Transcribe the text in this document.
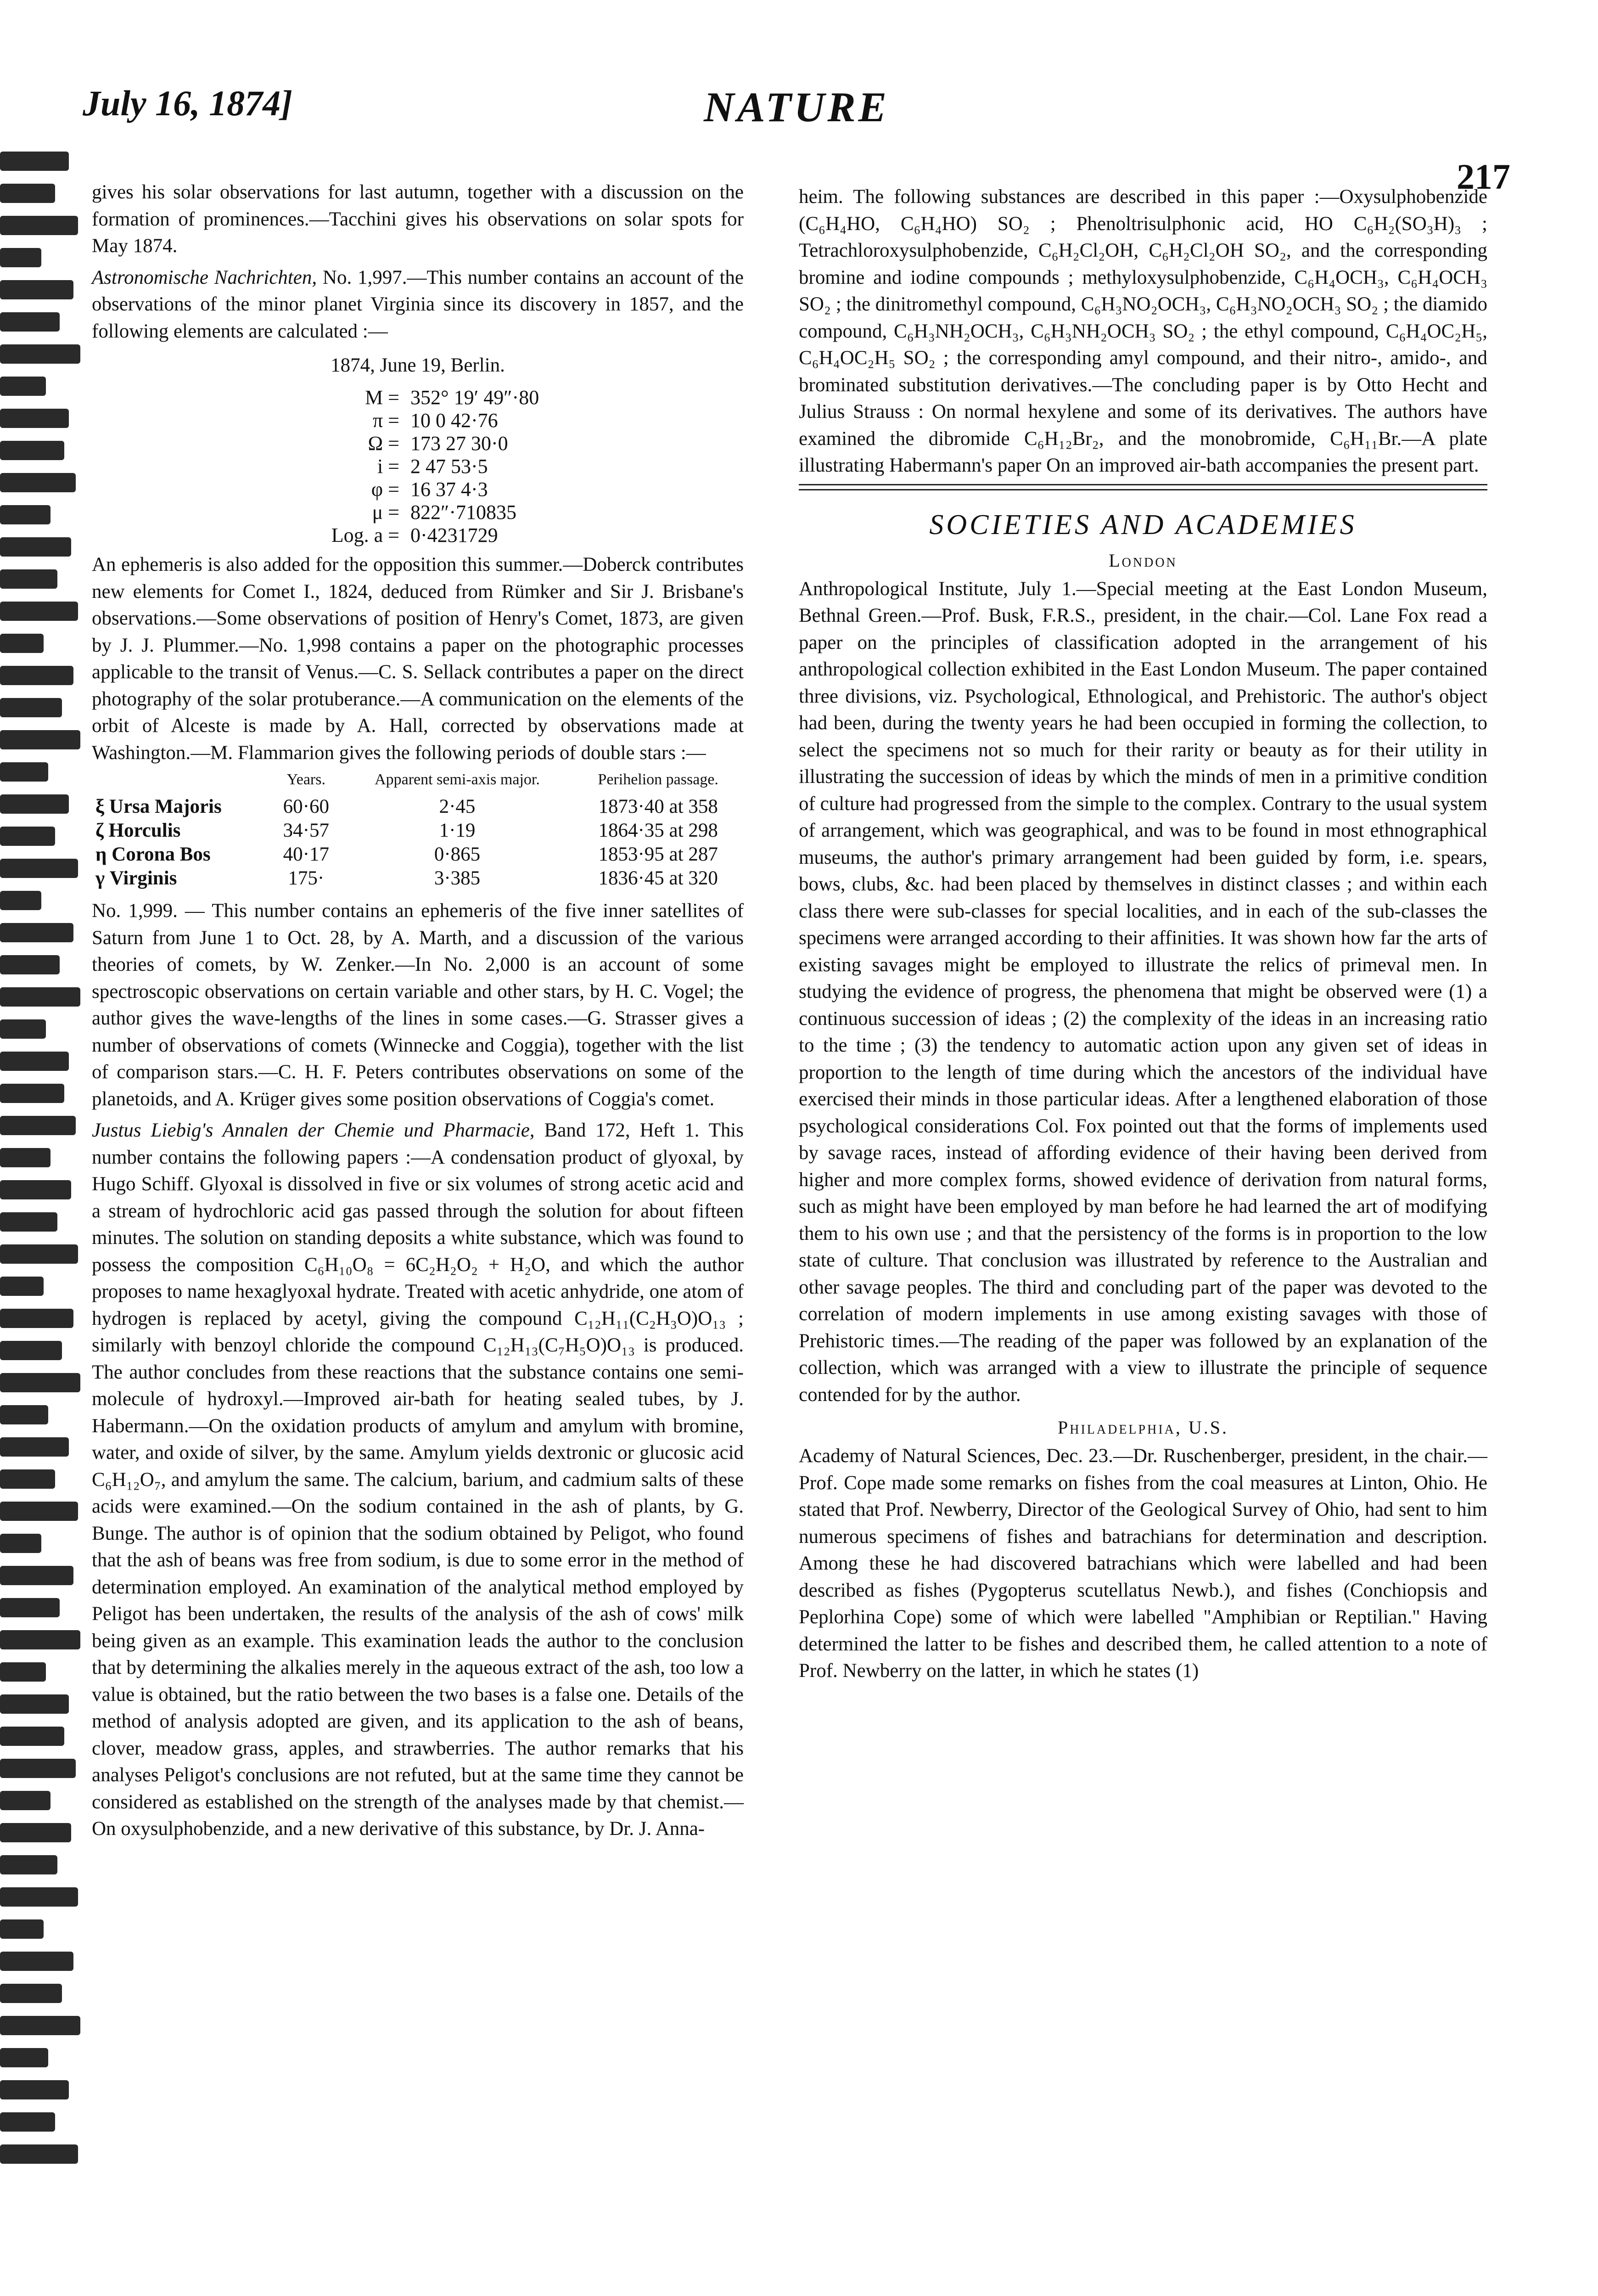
July 16, 1874]	NATURE
217

gives his solar observations for last autumn, together with a discussion on the formation of prominences.—Tacchini gives his observations on solar spots for May 1874.

Astronomische Nachrichten, No. 1,997.—This number contains an account of the observations of the minor planet Virginia since its discovery in 1857, and the following elements are calculated :—

1874, June 19, Berlin.
M = 352° 19′ 49″·80
π = 10 0 42·76
Ω = 173 27 30·0
i = 2 47 53·5
φ = 16 37 4·3
μ = 822″·710835
Log. a = 0·4231729

An ephemeris is also added for the opposition this summer.—Doberck contributes new elements for Comet I., 1824, deduced from Rümker and Sir J. Brisbane's observations.—Some observations of position of Henry's Comet, 1873, are given by J. J. Plummer.—No. 1,998 contains a paper on the photographic processes applicable to the transit of Venus.—C. S. Sellack contributes a paper on the direct photography of the solar protuberance.—A communication on the elements of the orbit of Alceste is made by A. Hall, corrected by observations made at Washington.—M. Flammarion gives the following periods of double stars :—

	Years.	Apparent semi-axis major.	Perihelion passage.
ξ Ursa Majoris	60·60	2·45	1873·40 at 358
ζ Horculis	34·57	1·19	1864·35 at 298
η Corona Bos	40·17	0·865	1853·95 at 287
γ Virginis	175·	3·385	1836·45 at 320

No. 1,999. — This number contains an ephemeris of the five inner satellites of Saturn from June 1 to Oct. 28, by A. Marth, and a discussion of the various theories of comets, by W. Zenker.—In No. 2,000 is an account of some spectroscopic observations on certain variable and other stars, by H. C. Vogel; the author gives the wave-lengths of the lines in some cases.—G. Strasser gives a number of observations of comets (Winnecke and Coggia), together with the list of comparison stars.—C. H. F. Peters contributes observations on some of the planetoids, and A. Krüger gives some position observations of Coggia's comet.

Justus Liebig's Annalen der Chemie und Pharmacie, Band 172, Heft 1. This number contains the following papers :—A condensation product of glyoxal, by Hugo Schiff. Glyoxal is dissolved in five or six volumes of strong acetic acid and a stream of hydrochloric acid gas passed through the solution for about fifteen minutes. The solution on standing deposits a white substance, which was found to possess the composition C₆H₁₀O₈ = 6C₂H₂O₂ + H₂O, and which the author proposes to name hexaglyoxal hydrate. Treated with acetic anhydride, one atom of hydrogen is replaced by acetyl, giving the compound C₁₂H₁₁(C₂H₃O)O₁₃ ; similarly with benzoyl chloride the compound C₁₂H₁₃(C₇H₅O)O₁₃ is produced. The author concludes from these reactions that the substance contains one semi-molecule of hydroxyl.—Improved air-bath for heating sealed tubes, by J. Habermann.—On the oxidation products of amylum and amylum with bromine, water, and oxide of silver, by the same. Amylum yields dextronic or glucosic acid C₆H₁₂O₇, and amylum the same. The calcium, barium, and cadmium salts of these acids were examined.—On the sodium contained in the ash of plants, by G. Bunge. The author is of opinion that the sodium obtained by Peligot, who found that the ash of beans was free from sodium, is due to some error in the method of determination employed. An examination of the analytical method employed by Peligot has been undertaken, the results of the analysis of the ash of cows' milk being given as an example. This examination leads the author to the conclusion that by determining the alkalies merely in the aqueous extract of the ash, too low a value is obtained, but the ratio between the two bases is a false one. Details of the method of analysis adopted are given, and its application to the ash of beans, clover, meadow grass, apples, and strawberries. The author remarks that his analyses Peligot's conclusions are not refuted, but at the same time they cannot be considered as established on the strength of the analyses made by that chemist.—On oxysulphobenzide, and a new derivative of this substance, by Dr. J. Anna-

heim. The following substances are described in this paper :—Oxysulphobenzide (C₆H₄HO, C₆H₄HO) SO₂ ; Phenoltrisulphonic acid, HO C₆H₂(SO₃H)₃ ; Tetrachloroxysulphobenzide, C₆H₂Cl₂OH, C₆H₂Cl₂OH SO₂, and the corresponding bromine and iodine compounds ; methyloxysulphobenzide, C₆H₄OCH₃, C₆H₄OCH₃ SO₂ ; the dinitromethyl compound, C₆H₃NO₂OCH₃, C₆H₃NO₂OCH₃ SO₂ ; the diamido compound, C₆H₃NH₂OCH₃, C₆H₃NH₂OCH₃ SO₂ ; the ethyl compound, C₆H₄OC₂H₅, C₆H₄OC₂H₅ SO₂ ; the corresponding amyl compound, and their nitro-, amido-, and brominated substitution derivatives.—The concluding paper is by Otto Hecht and Julius Strauss : On normal hexylene and some of its derivatives. The authors have examined the dibromide C₆H₁₂Br₂, and the monobromide, C₆H₁₁Br.—A plate illustrating Habermann's paper On an improved air-bath accompanies the present part.

SOCIETIES AND ACADEMIES
London

Anthropological Institute, July 1.—Special meeting at the East London Museum, Bethnal Green.—Prof. Busk, F.R.S., president, in the chair.—Col. Lane Fox read a paper on the principles of classification adopted in the arrangement of his anthropological collection exhibited in the East London Museum. The paper contained three divisions, viz. Psychological, Ethnological, and Prehistoric. The author's object had been, during the twenty years he had been occupied in forming the collection, to select the specimens not so much for their rarity or beauty as for their utility in illustrating the succession of ideas by which the minds of men in a primitive condition of culture had progressed from the simple to the complex. Contrary to the usual system of arrangement, which was geographical, and was to be found in most ethnographical museums, the author's primary arrangement had been guided by form, i.e. spears, bows, clubs, &c. had been placed by themselves in distinct classes ; and within each class there were sub-classes for special localities, and in each of the sub-classes the specimens were arranged according to their affinities. It was shown how far the arts of existing savages might be employed to illustrate the relics of primeval men. In studying the evidence of progress, the phenomena that might be observed were (1) a continuous succession of ideas ; (2) the complexity of the ideas in an increasing ratio to the time ; (3) the tendency to automatic action upon any given set of ideas in proportion to the length of time during which the ancestors of the individual have exercised their minds in those particular ideas. After a lengthened elaboration of those psychological considerations Col. Fox pointed out that the forms of implements used by savage races, instead of affording evidence of their having been derived from higher and more complex forms, showed evidence of derivation from natural forms, such as might have been employed by man before he had learned the art of modifying them to his own use ; and that the persistency of the forms is in proportion to the low state of culture. That conclusion was illustrated by reference to the Australian and other savage peoples. The third and concluding part of the paper was devoted to the correlation of modern implements in use among existing savages with those of Prehistoric times.—The reading of the paper was followed by an explanation of the collection, which was arranged with a view to illustrate the principle of sequence contended for by the author.

Philadelphia, U.S.

Academy of Natural Sciences, Dec. 23.—Dr. Ruschenberger, president, in the chair.—Prof. Cope made some remarks on fishes from the coal measures at Linton, Ohio. He stated that Prof. Newberry, Director of the Geological Survey of Ohio, had sent to him numerous specimens of fishes and batrachians for determination and description. Among these he had discovered batrachians which were labelled and had been described as fishes (Pygopterus scutellatus Newb.), and fishes (Conchiopsis and Peplorhina Cope) some of which were labelled "Amphibian or Reptilian." Having determined the latter to be fishes and described them, he called attention to a note of Prof. Newberry on the latter, in which he states (1)
